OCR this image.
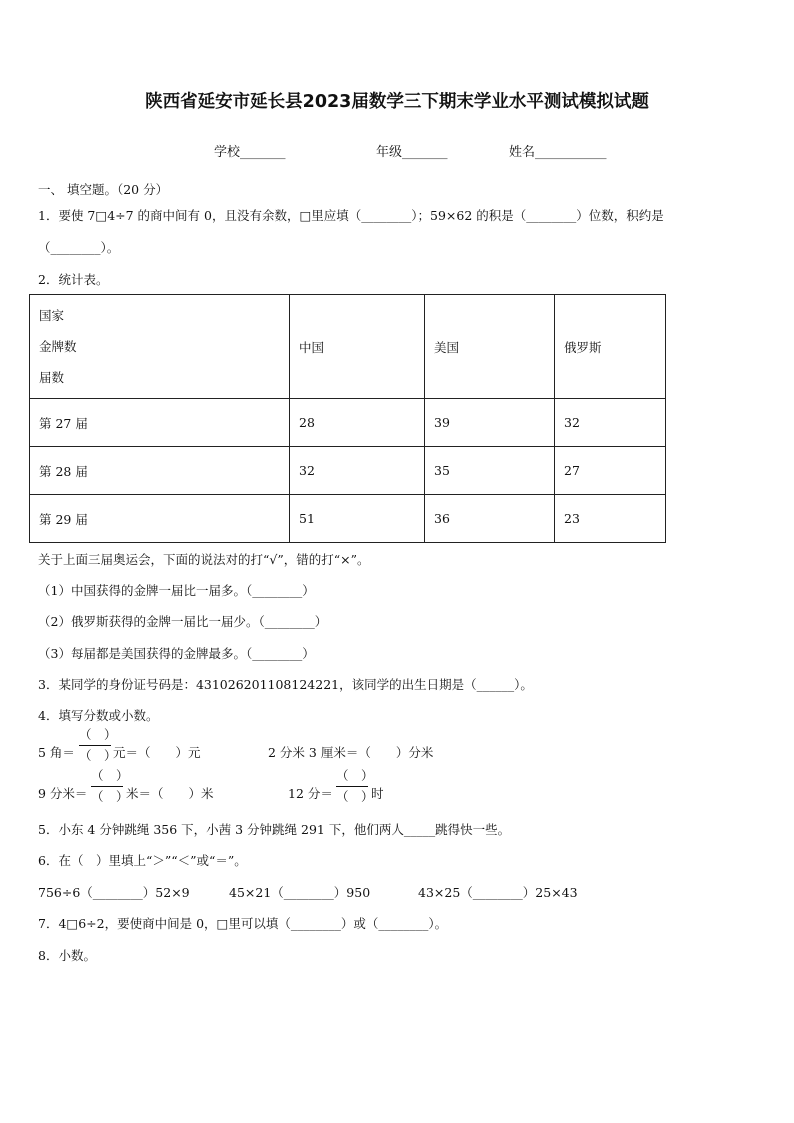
陕西省延安市延长县2023届数学三下期末学业水平测试模拟试题
学校_______	年级_______	姓名___________
一、 填空题。（20 分）
1．要使 7□4÷7 的商中间有 0，且没有余数，□里应填（________）；59×62 的积是（________）位数，积约是
（________）。
2．统计表。
国家
金牌数
届数	中国	美国	俄罗斯
第 27 届	28	39	32
第 28 届	32	35	27
第 29 届	51	36	23
关于上面三届奥运会，下面的说法对的打“√”，错的打“×”。
（1）中国获得的金牌一届比一届多。（________）
（2）俄罗斯获得的金牌一届比一届少。（________）
（3）每届都是美国获得的金牌最多。（________）
3．某同学的身份证号码是：431026201108124221，该同学的出生日期是（______）。
4．填写分数或小数。
5 角＝
（　）
（　）
元＝（　　）元	2 分米 3 厘米＝（　　）分米
9 分米＝
（　）
（　）
米＝（　　）米	12 分＝
（　）
（　）
时
5．小东 4 分钟跳绳 356 下，小茜 3 分钟跳绳 291 下，他们两人_____跳得快一些。
6．在（　）里填上“＞”“＜”或“＝”。
756÷6（________）52×9	45×21（________）950	43×25（________）25×43
7．4□6÷2，要使商中间是 0，□里可以填（________）或（________）。
8．小数。
